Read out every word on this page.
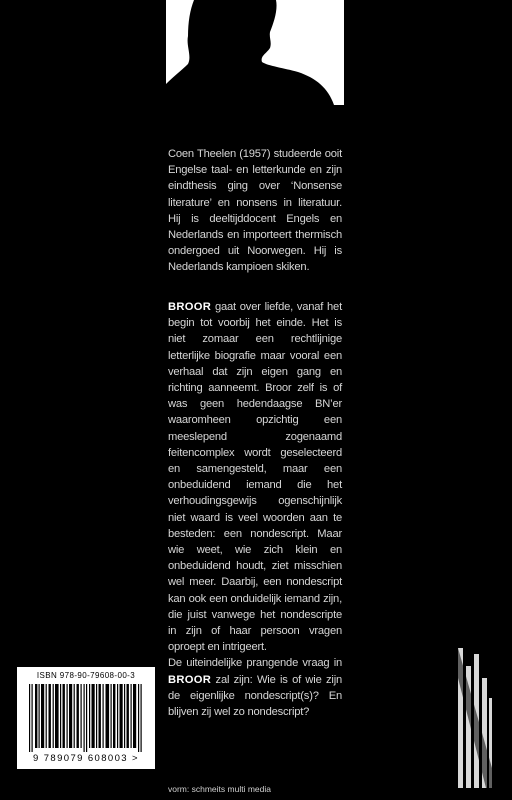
Coen Theelen (1957) studeerde ooit Engelse taal- en letterkunde en zijn eindthesis ging over ‘Nonsense literature’ en nonsens in literatuur. Hij is deeltijddocent Engels en Nederlands en importeert thermisch ondergoed uit Noorwegen. Hij is Nederlands kampioen skiken.

BROOR gaat over liefde, vanaf het begin tot voorbij het einde. Het is niet zomaar een rechtlijnige letterlijke biografie maar vooral een verhaal dat zijn eigen gang en richting aanneemt. Broor zelf is of was geen hedendaagse BN’er waaromheen opzichtig een meeslepend zogenaamd feitencomplex wordt geselecteerd en samengesteld, maar een onbeduidend iemand die het verhoudingsgewijs ogenschijnlijk niet waard is veel woorden aan te besteden: een nondescript. Maar wie weet, wie zich klein en onbeduidend houdt, ziet misschien wel meer. Daarbij, een nondescript kan ook een onduidelijk iemand zijn, die juist vanwege het nondescripte in zijn of haar persoon vragen oproept en intrigeert.

De uiteindelijke prangende vraag in BROOR zal zijn: Wie is of wie zijn de eigenlijke nondescript(s)? En blijven zij wel zo nondescript?

ISBN 978-90-79608-00-3
9 789079 608003 >
vorm: schmeits multi media
